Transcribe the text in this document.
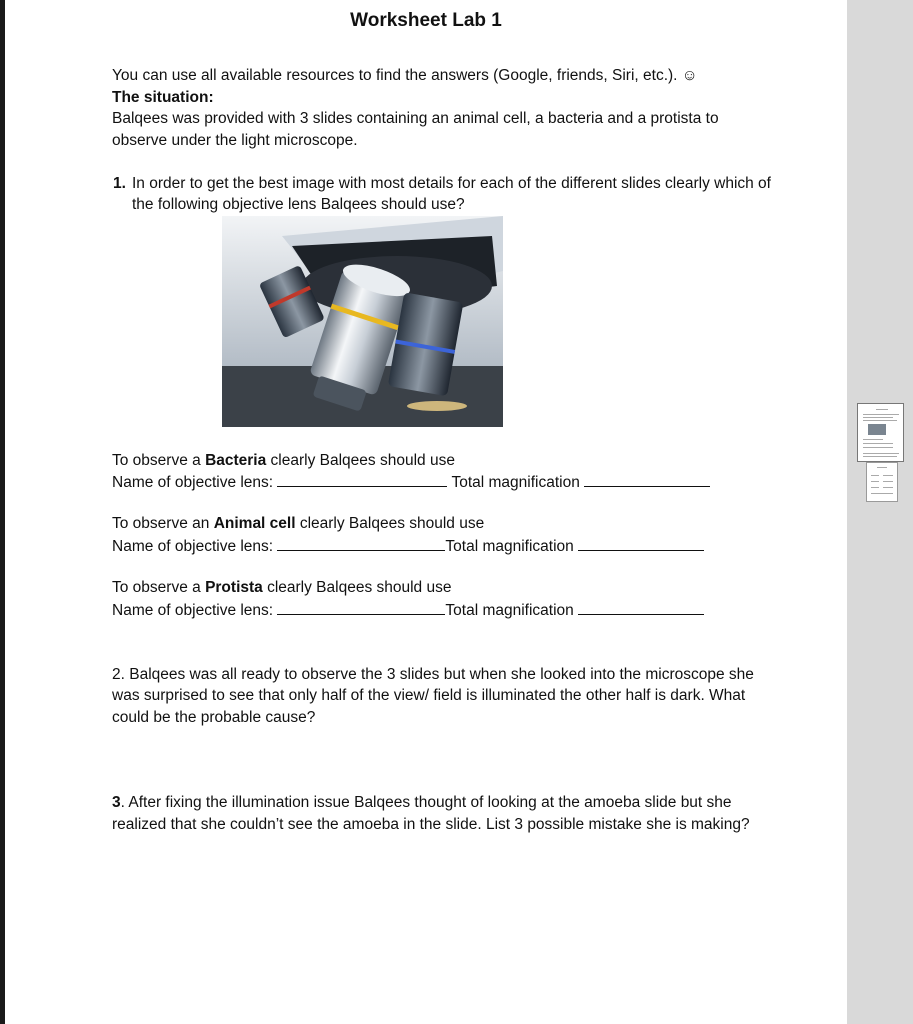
Worksheet Lab 1
You can use all available resources to find the answers (Google, friends, Siri, etc.). ☺
The situation:
Balqees was provided with 3 slides containing an animal cell, a bacteria and a protista to
observe under the light microscope.
1. In order to get the best image with most details for each of the different slides clearly which of
the following objective lens Balqees should use?
To observe a Bacteria clearly Balqees should use
Name of objective lens:	Total magnification
To observe an Animal cell clearly Balqees should use
Name of objective lens:	Total magnification
To observe a Protista clearly Balqees should use
Name of objective lens:	Total magnification
2. Balqees was all ready to observe the 3 slides but when she looked into the microscope she
was surprised to see that only half of the view/ field is illuminated the other half is dark. What
could be the probable cause?
3. After fixing the illumination issue Balqees thought of looking at the amoeba slide but she
realized that she couldn’t see the amoeba in the slide. List 3 possible mistake she is making?
